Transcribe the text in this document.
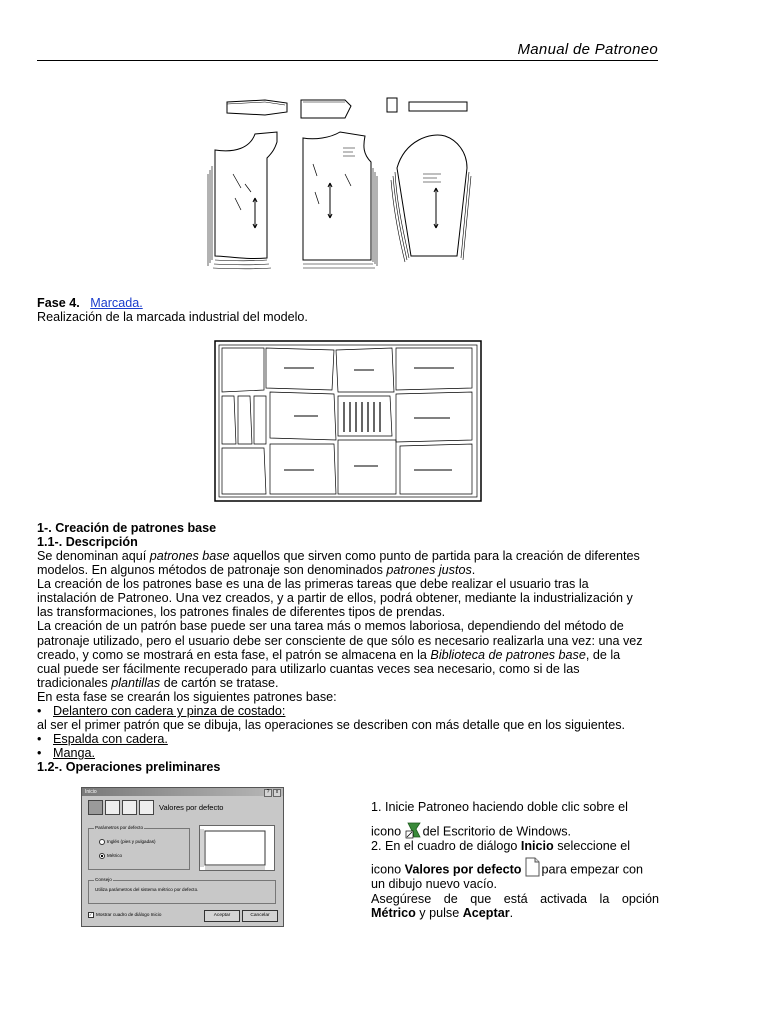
Manual de Patroneo
Fase 4. Marcada.
Realización de la marcada industrial del modelo.
1-. Creación de patrones base
1.1-. Descripción

Se denominan aquí patrones base aquellos que sirven como punto de partida para la creación de diferentes

modelos. En algunos métodos de patronaje son denominados patrones justos.

La creación de los patrones base es una de las primeras tareas que debe realizar el usuario tras la

instalación de Patroneo. Una vez creados, y a partir de ellos, podrá obtener, mediante la industrialización y

las transformaciones, los patrones finales de diferentes tipos de prendas.

La creación de un patrón base puede ser una tarea más o memos laboriosa, dependiendo del método de

patronaje utilizado, pero el usuario debe ser consciente de que sólo es necesario realizarla una vez: una vez

creado, y como se mostrará en esta fase, el patrón se almacena en la Biblioteca de patrones base, de la

cual puede ser fácilmente recuperado para utilizarlo cuantas veces sea necesario, como si de las

tradicionales plantillas de cartón se tratase.

En esta fase se crearán los siguientes patrones base:

• Delantero con cadera y pinza de costado:

al ser el primer patrón que se dibuja, las operaciones se describen con más detalle que en los siguientes.

• Espalda con cadera.

• Manga.

1.2-. Operaciones preliminares

Inicio	? x
Valores por defecto
Parámetros por defecto
Inglés (pies y pulgadas)
Métrico
Consejo
Utiliza parámetros del sistema métrico por defecto.
✓ Mostrar cuadro de diálogo Inicio	Aceptar	Cancelar

1. Inicie Patroneo haciendo doble clic sobre el

icono del Escritorio de Windows.

2. En el cuadro de diálogo Inicio seleccione el

icono Valores por defecto para empezar con

un dibujo nuevo vacío.

Asegúrese de que está activada la opción

Métrico y pulse Aceptar.
